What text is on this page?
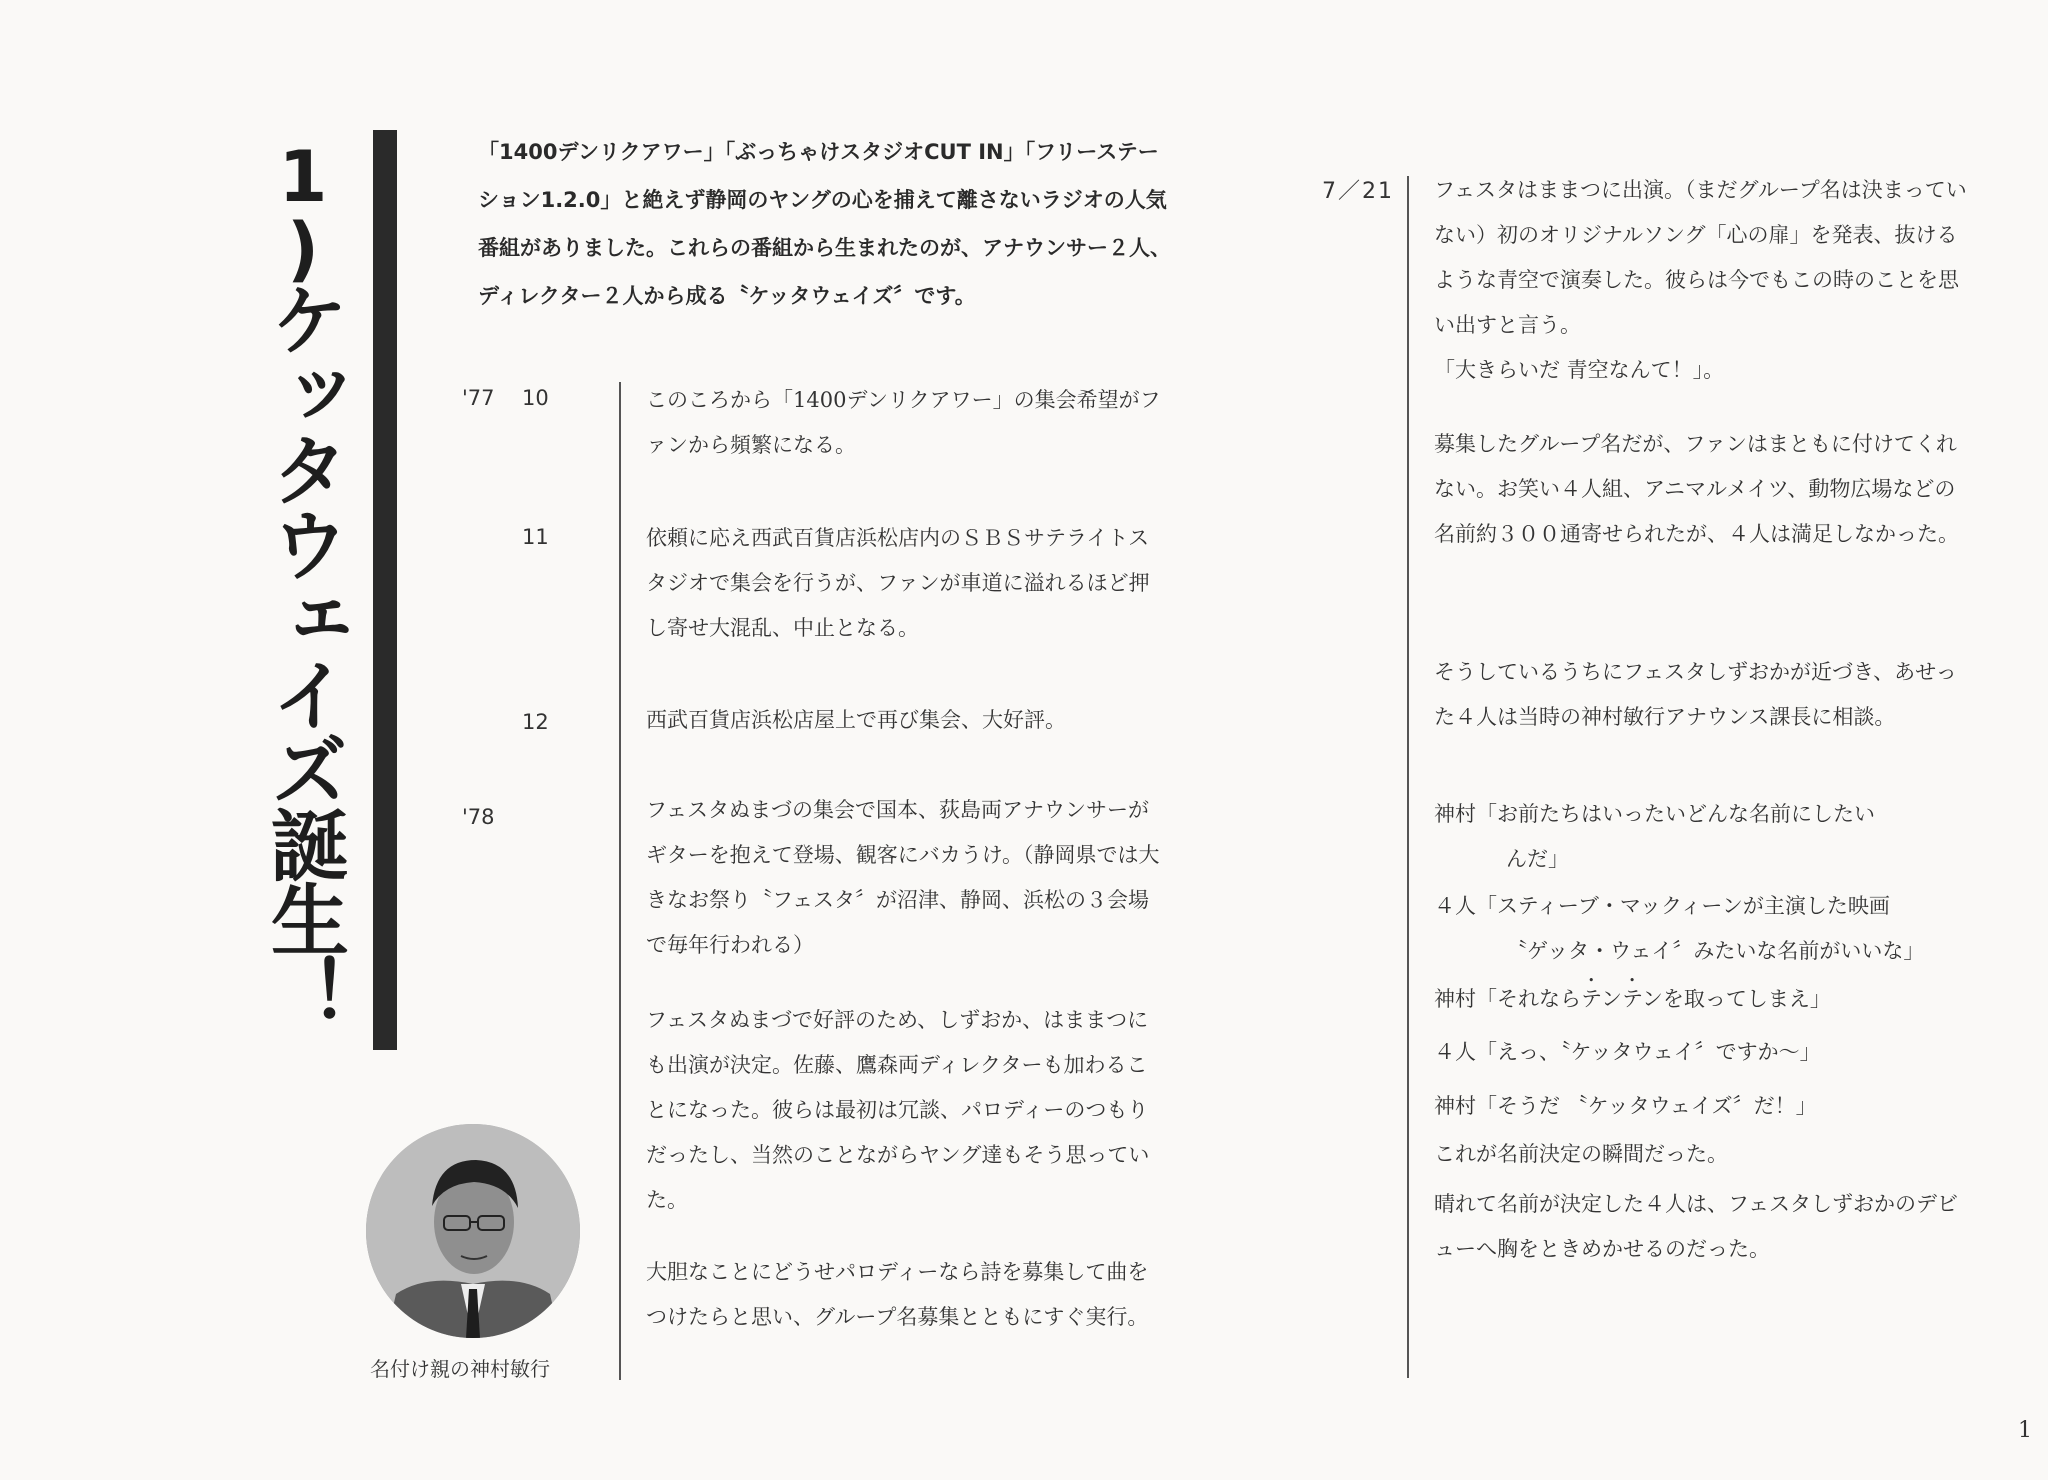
1)ケッタウェイズ誕生！

「1400デンリクアワー」「ぶっちゃけスタジオCUT IN」「フリーステーション1.2.0」と絶えず静岡のヤングの心を捕えて離さないラジオの人気番組がありました。これらの番組から生まれたのが、アナウンサー２人、ディレクター２人から成る〝ケッタウェイズ〞です。

'77 10
11
12
'78

このころから「1400デンリクアワー」の集会希望がファンから頻繁になる。

依頼に応え西武百貨店浜松店内のＳＢＳサテライトスタジオで集会を行うが、ファンが車道に溢れるほど押し寄せ大混乱、中止となる。

西武百貨店浜松店屋上で再び集会、大好評。

フェスタぬまづの集会で国本、荻島両アナウンサーがギターを抱えて登場、観客にバカうけ。（静岡県では大きなお祭り〝フェスタ〞が沼津、静岡、浜松の３会場で毎年行われる）

フェスタぬまづで好評のため、しずおか、はままつにも出演が決定。佐藤、鷹森両ディレクターも加わることになった。彼らは最初は冗談、パロディーのつもりだったし、当然のことながらヤング達もそう思っていた。

大胆なことにどうせパロディーなら詩を募集して曲をつけたらと思い、グループ名募集とともにすぐ実行。

名付け親の神村敏行
7／21 フェスタはままつに出演。（まだグループ名は決まっていない）初のオリジナルソング「心の扉」を発表、抜けるような青空で演奏した。彼らは今でもこの時のことを思い出すと言う。

「大きらいだ 青空なんて！」。

募集したグループ名だが、ファンはまともに付けてくれない。お笑い４人組、アニマルメイツ、動物広場などの名前約３００通寄せられたが、４人は満足しなかった。

そうしているうちにフェスタしずおかが近づき、あせった４人は当時の神村敏行アナウンス課長に相談。

神村「お前たちはいったいどんな名前にしたい
んだ」
４人「スティーブ・マックィーンが主演した映画
〝ゲッタ・ウェイ〞みたいな名前がいいな」
神村「それならテンテンを取ってしまえ」
４人「えっ、〝ケッタウェイ〞ですか～」
神村「そうだ 〝ケッタウェイズ〞だ！」
これが名前決定の瞬間だった。

晴れて名前が決定した４人は、フェスタしずおかのデビューへ胸をときめかせるのだった。

1
